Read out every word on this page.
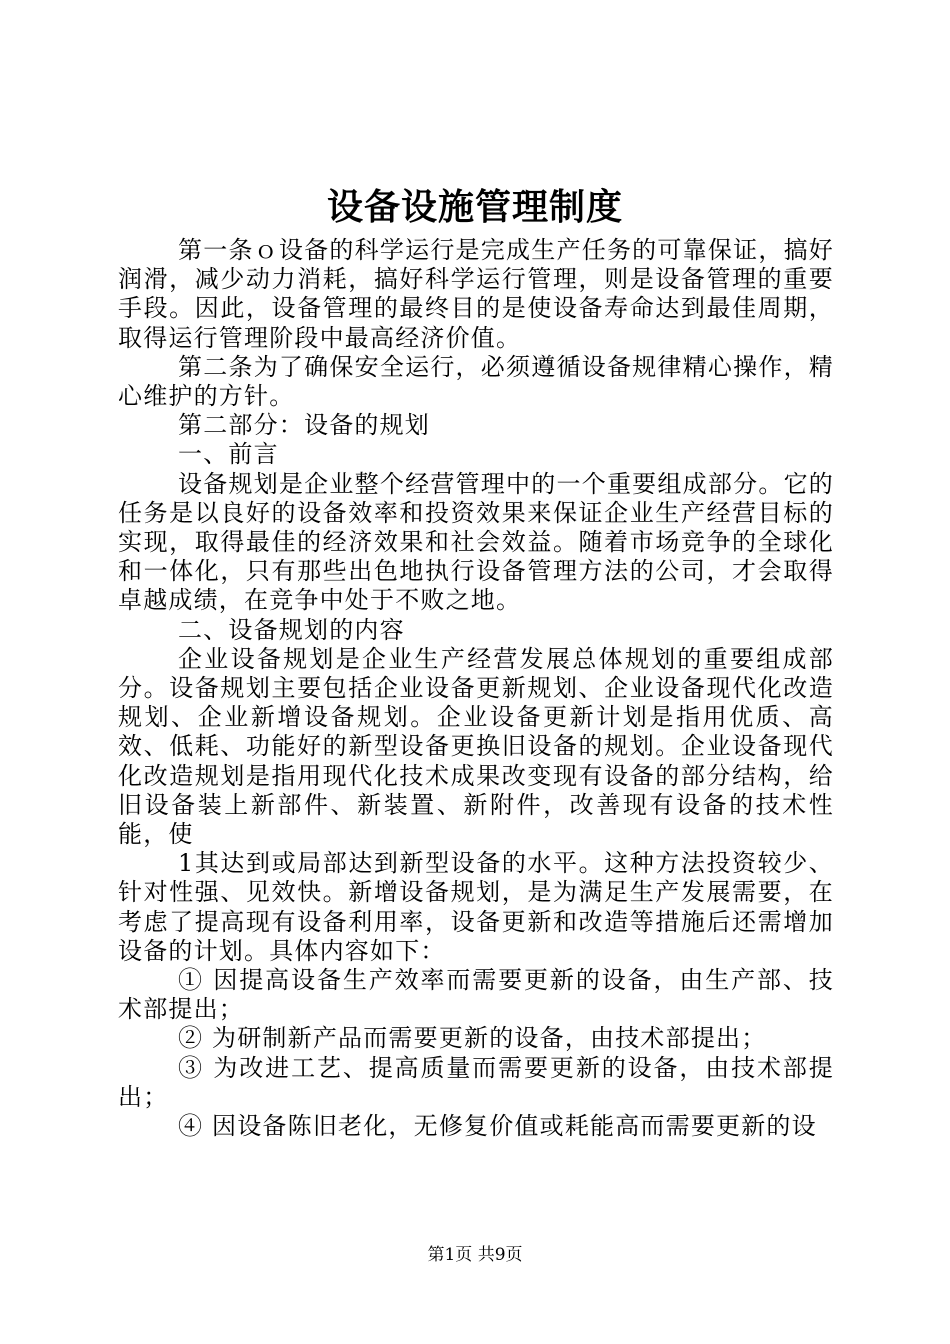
设备设施管理制度

第一条ｏ设备的科学运行是完成生产任务的可靠保证，搞好润滑，减少动力消耗，搞好科学运行管理，则是设备管理的重要手段。因此，设备管理的最终目的是使设备寿命达到最佳周期，取得运行管理阶段中最高经济价值。

第二条为了确保安全运行，必须遵循设备规律精心操作，精心维护的方针。

第二部分：设备的规划

一、前言

设备规划是企业整个经营管理中的一个重要组成部分。它的任务是以良好的设备效率和投资效果来保证企业生产经营目标的实现，取得最佳的经济效果和社会效益。随着市场竞争的全球化和一体化，只有那些出色地执行设备管理方法的公司，才会取得卓越成绩，在竞争中处于不败之地。

二、设备规划的内容

企业设备规划是企业生产经营发展总体规划的重要组成部分。设备规划主要包括企业设备更新规划、企业设备现代化改造规划、企业新增设备规划。企业设备更新计划是指用优质、高效、低耗、功能好的新型设备更换旧设备的规划。企业设备现代化改造规划是指用现代化技术成果改变现有设备的部分结构，给旧设备装上新部件、新装置、新附件，改善现有设备的技术性能，使

1其达到或局部达到新型设备的水平。这种方法投资较少、针对性强、见效快。新增设备规划，是为满足生产发展需要，在考虑了提高现有设备利用率，设备更新和改造等措施后还需增加设备的计划。具体内容如下：

① 因提高设备生产效率而需要更新的设备，由生产部、技术部提出；

② 为研制新产品而需要更新的设备，由技术部提出；

③ 为改进工艺、提高质量而需要更新的设备，由技术部提出；

④ 因设备陈旧老化，无修复价值或耗能高而需要更新的设

第1页 共9页
